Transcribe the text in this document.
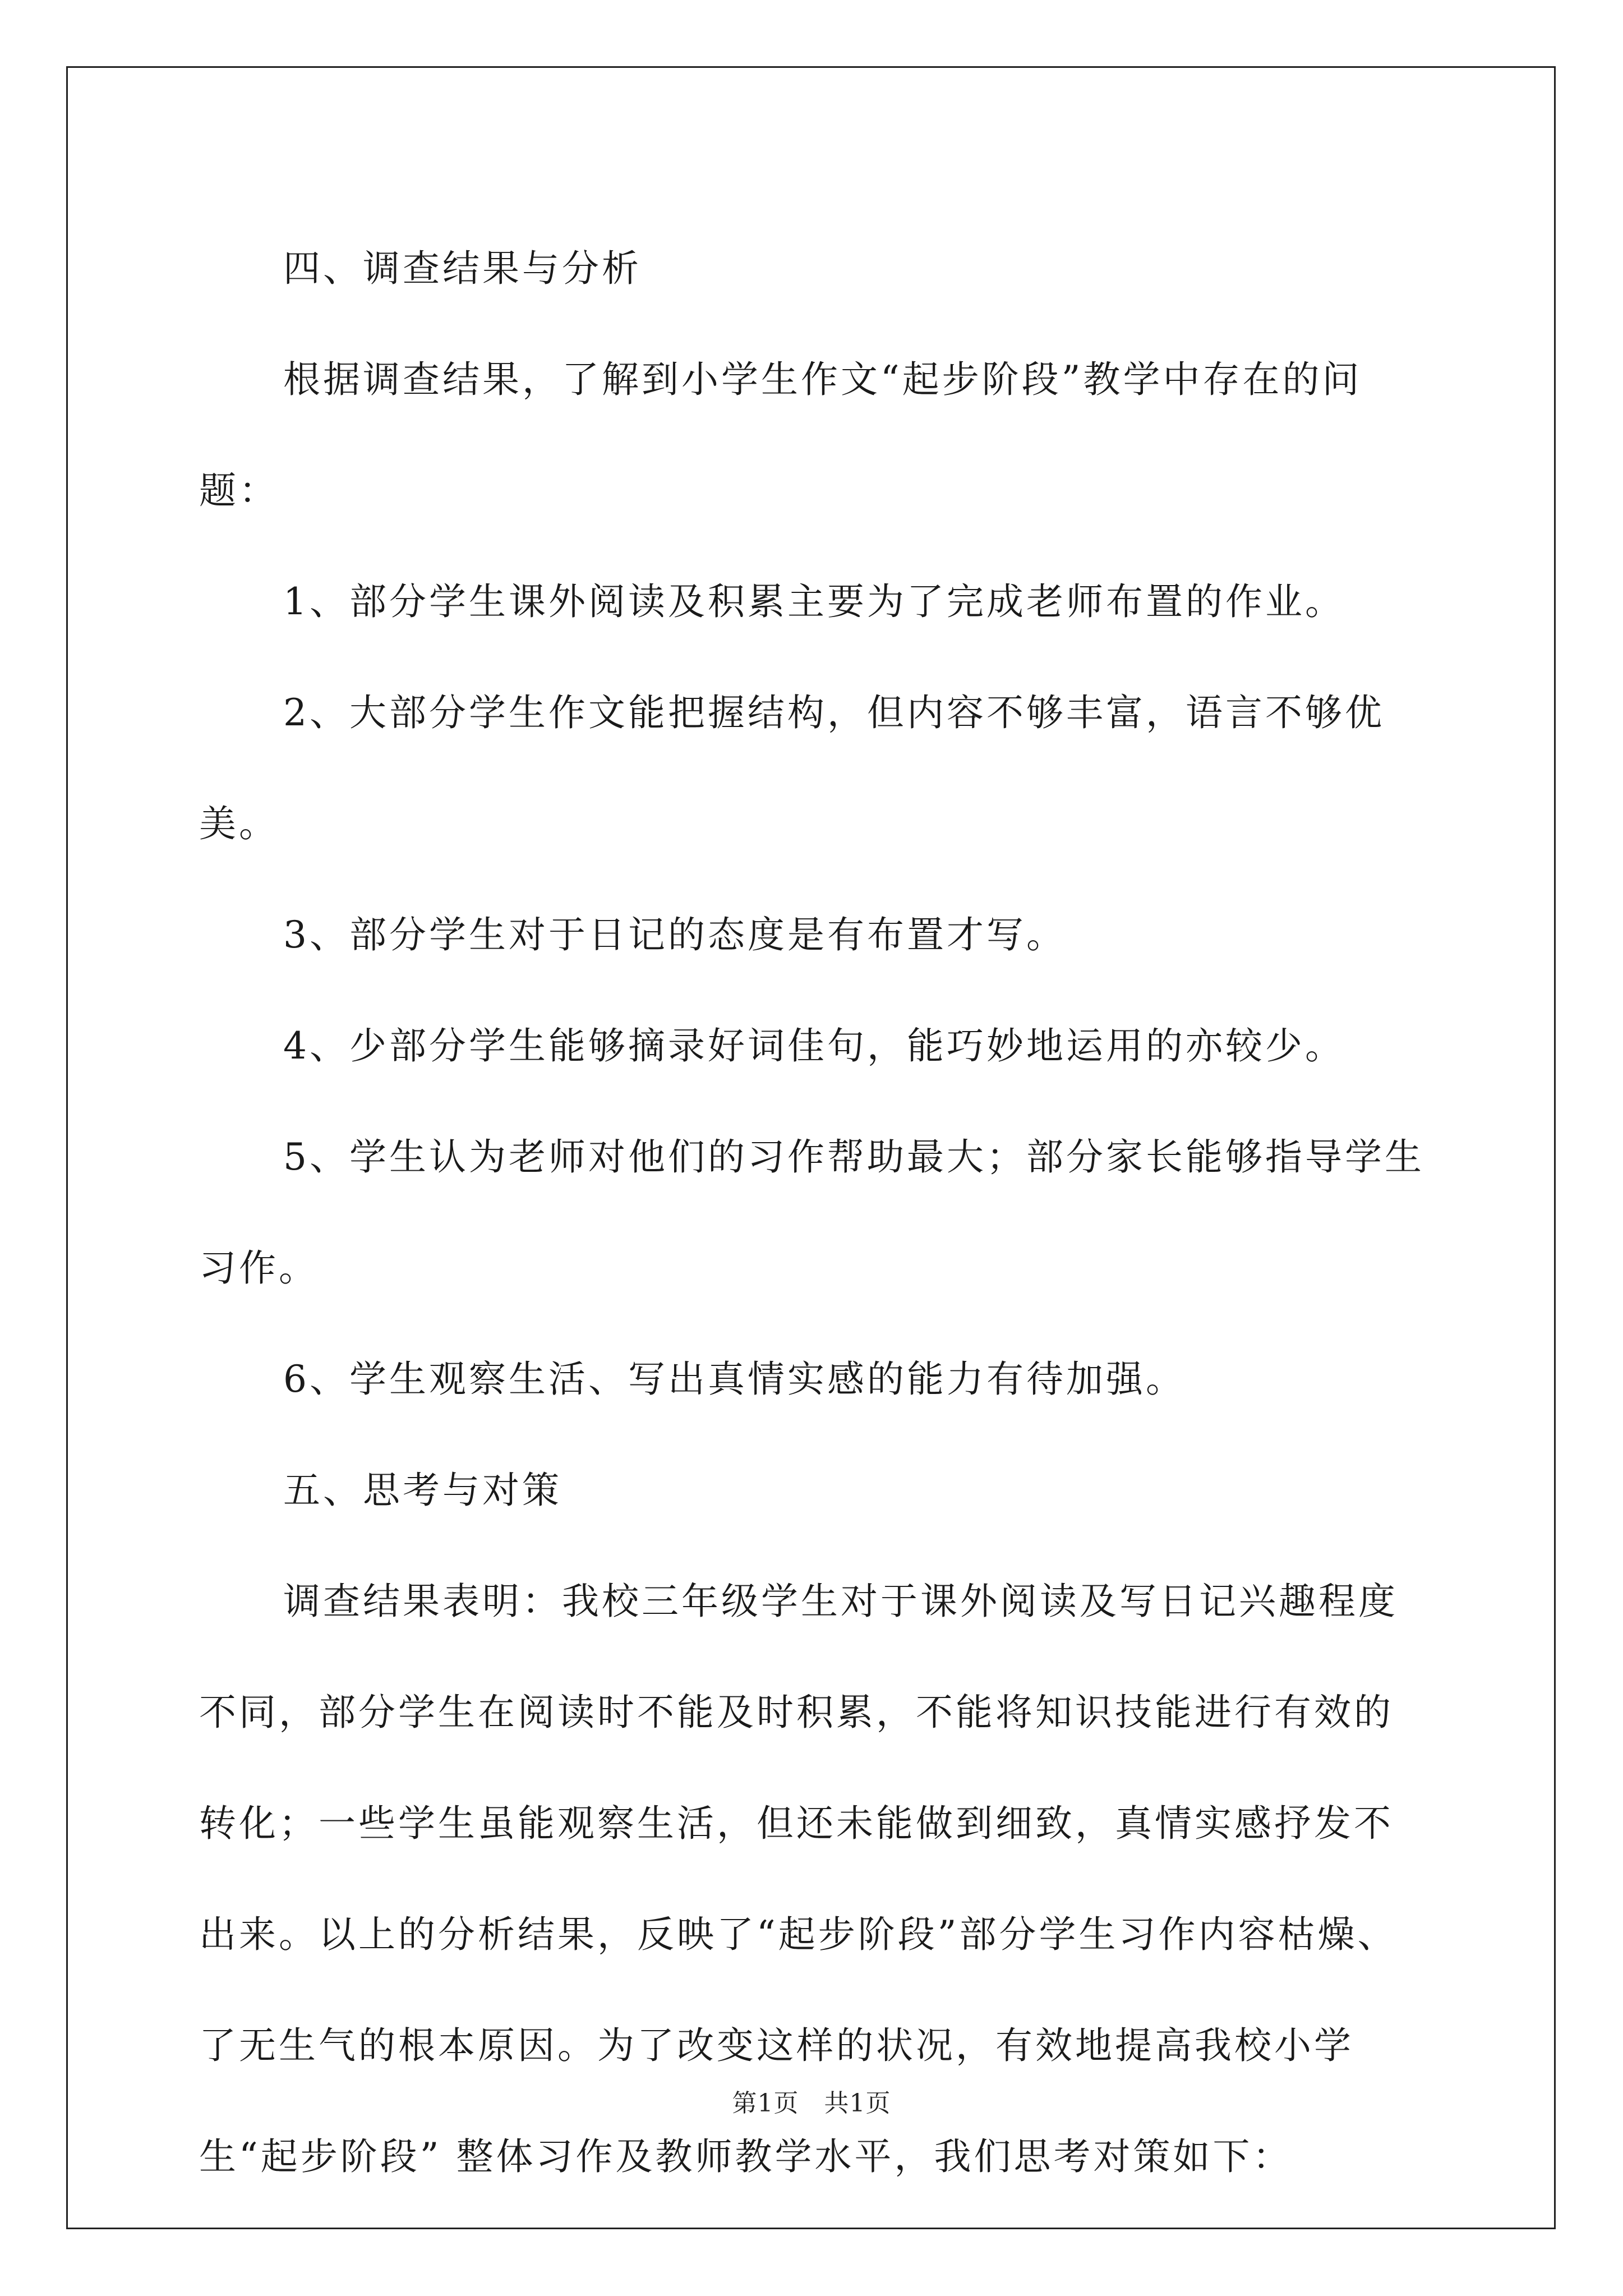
四、调查结果与分析

根据调查结果，了解到小学生作文“起步阶段”教学中存在的问题：

1、部分学生课外阅读及积累主要为了完成老师布置的作业。

2、大部分学生作文能把握结构，但内容不够丰富，语言不够优美。

3、部分学生对于日记的态度是有布置才写。

4、少部分学生能够摘录好词佳句，能巧妙地运用的亦较少。

5、学生认为老师对他们的习作帮助最大；部分家长能够指导学生习作。

6、学生观察生活、写出真情实感的能力有待加强。

五、思考与对策

调查结果表明：我校三年级学生对于课外阅读及写日记兴趣程度不同，部分学生在阅读时不能及时积累，不能将知识技能进行有效的转化；一些学生虽能观察生活，但还未能做到细致，真情实感抒发不出来。以上的分析结果，反映了“起步阶段”部分学生习作内容枯燥、了无生气的根本原因。为了改变这样的状况，有效地提高我校小学生“起步阶段” 整体习作及教师教学水平，我们思考对策如下：

第1页　共1页
